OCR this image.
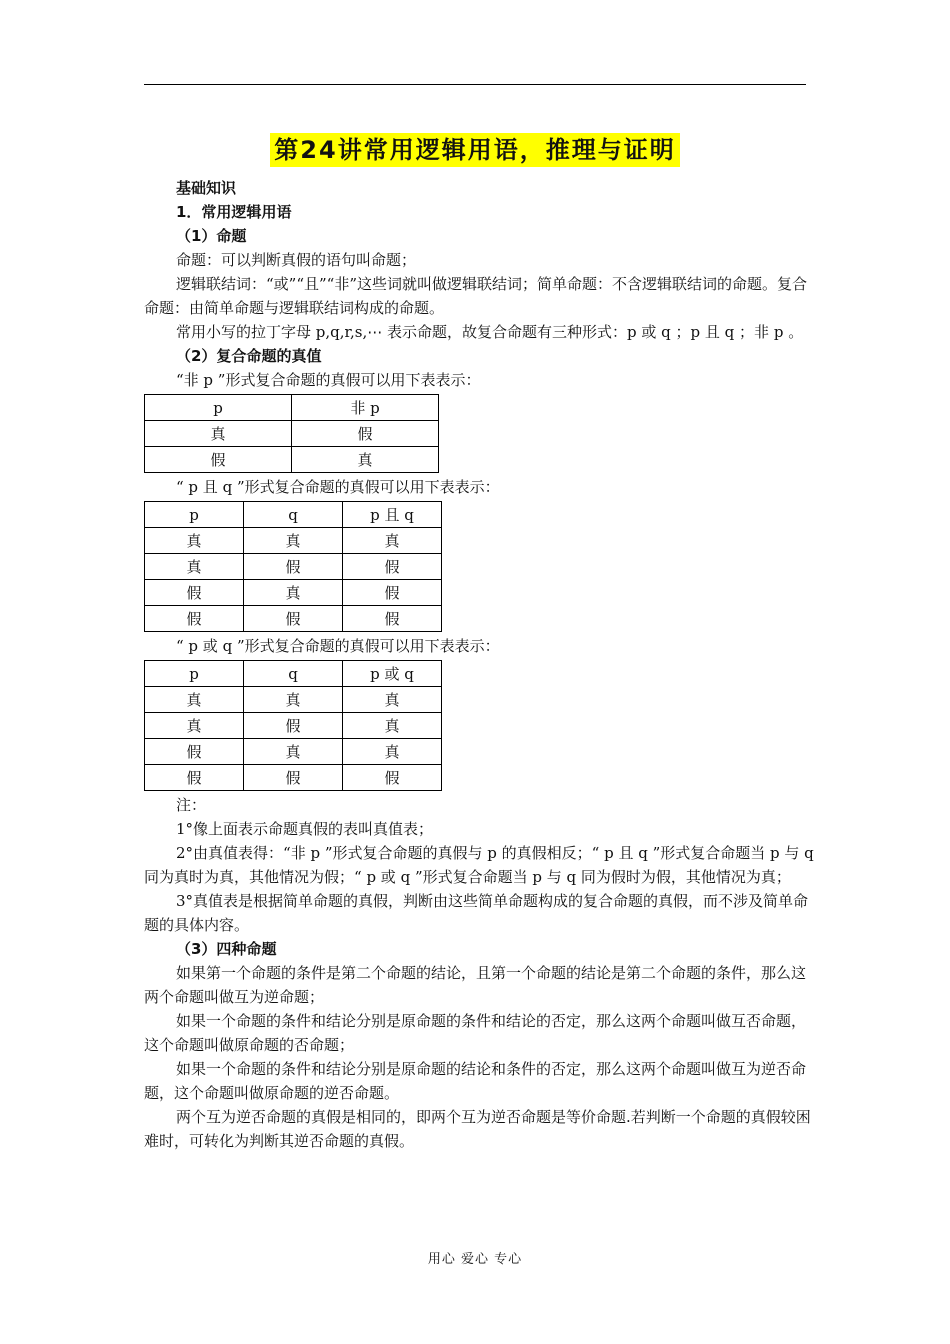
第24讲常用逻辑用语，推理与证明

基础知识

1．常用逻辑用语

（1）命题

命题：可以判断真假的语句叫命题；

逻辑联结词：“或”“且”“非”这些词就叫做逻辑联结词；简单命题：不含逻辑联结词的命题。复合命题：由简单命题与逻辑联结词构成的命题。

常用小写的拉丁字母 p,q,r,s,⋯ 表示命题，故复合命题有三种形式：p 或 q ；p 且 q ；非 p 。

（2）复合命题的真值

“非 p ”形式复合命题的真假可以用下表表示：

p	非 p
真	假
假	真

“ p 且 q ”形式复合命题的真假可以用下表表示：

p	q	p 且 q
真	真	真
真	假	假
假	真	假
假	假	假

“ p 或 q ”形式复合命题的真假可以用下表表示：

p	q	p 或 q
真	真	真
真	假	真
假	真	真
假	假	假

注：

1°像上面表示命题真假的表叫真值表；

2°由真值表得：“非 p ”形式复合命题的真假与 p 的真假相反；“ p 且 q ”形式复合命题当 p 与 q 同为真时为真，其他情况为假；“ p 或 q ”形式复合命题当 p 与 q 同为假时为假，其他情况为真；

3°真值表是根据简单命题的真假，判断由这些简单命题构成的复合命题的真假，而不涉及简单命题的具体内容。

（3）四种命题

如果第一个命题的条件是第二个命题的结论，且第一个命题的结论是第二个命题的条件，那么这两个命题叫做互为逆命题；

如果一个命题的条件和结论分别是原命题的条件和结论的否定，那么这两个命题叫做互否命题，这个命题叫做原命题的否命题；

如果一个命题的条件和结论分别是原命题的结论和条件的否定，那么这两个命题叫做互为逆否命题，这个命题叫做原命题的逆否命题。

两个互为逆否命题的真假是相同的，即两个互为逆否命题是等价命题.若判断一个命题的真假较困难时，可转化为判断其逆否命题的真假。

用心 爱心 专心
